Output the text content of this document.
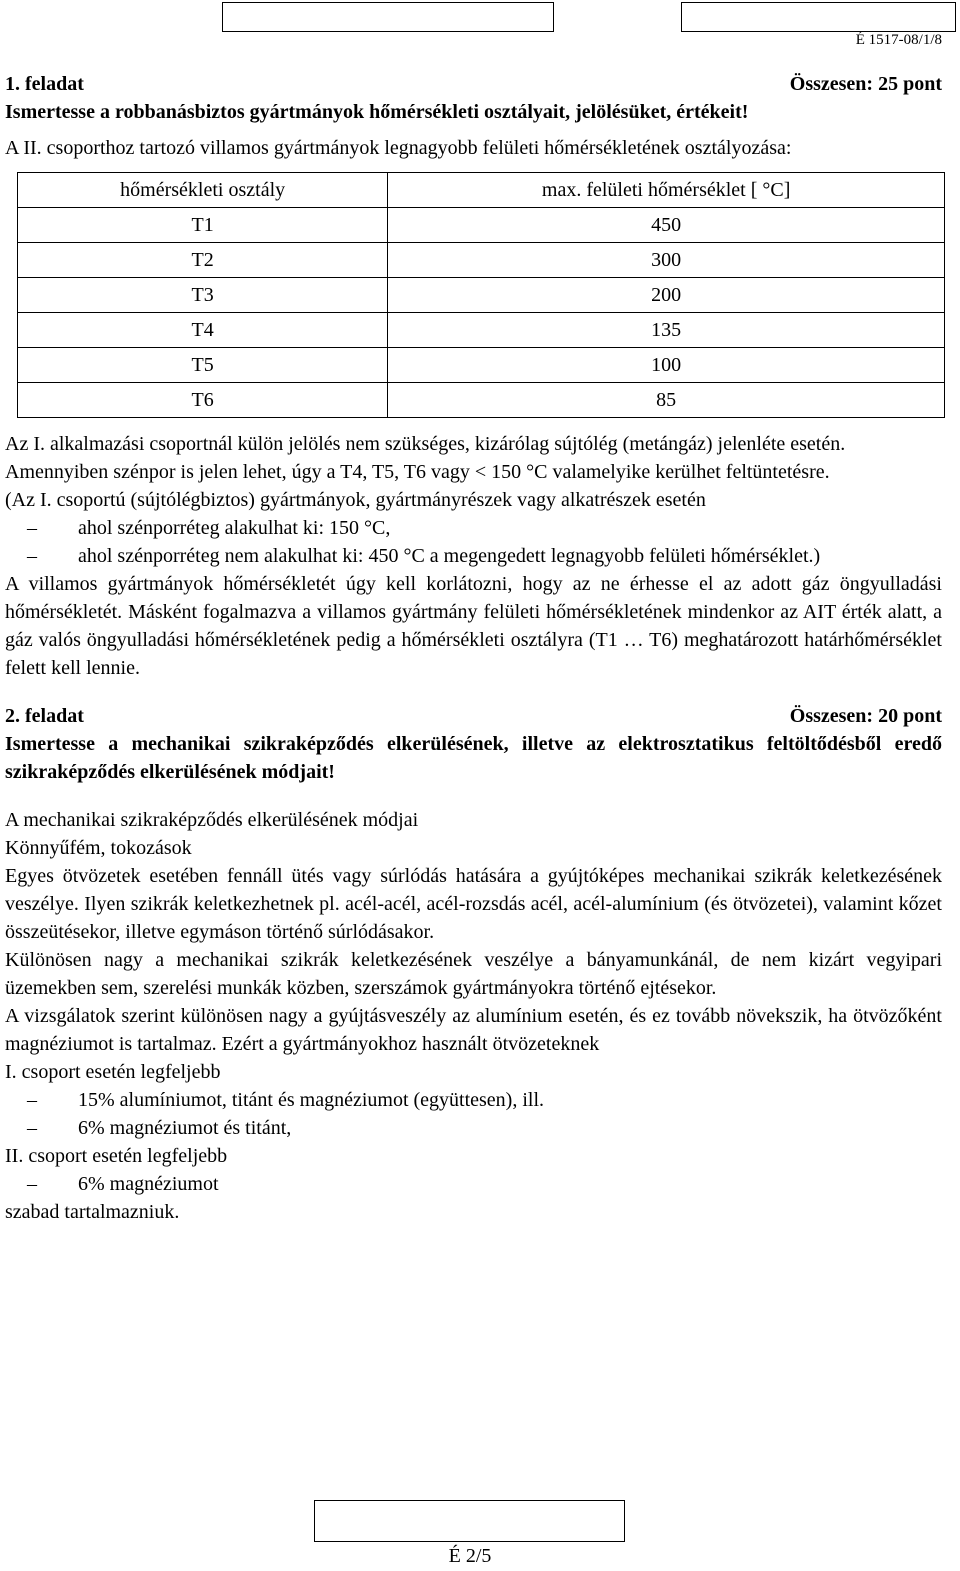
É 1517-08/1/8
1. feladat	Összesen: 25 pont
Ismertesse a robbanásbiztos gyártmányok hőmérsékleti osztályait, jelölésüket, értékeit!
A II. csoporthoz tartozó villamos gyártmányok legnagyobb felületi hőmérsékletének osztályozása:
hőmérsékleti osztály	max. felületi hőmérséklet [ °C]
T1	450
T2	300
T3	200
T4	135
T5	100
T6	85
Az I. alkalmazási csoportnál külön jelölés nem szükséges, kizárólag sújtólég (metángáz) jelenléte esetén.
Amennyiben szénpor is jelen lehet, úgy a T4, T5, T6 vagy < 150 °C valamelyike kerülhet feltüntetésre.
(Az I. csoportú (sújtólégbiztos) gyártmányok, gyártmányrészek vagy alkatrészek esetén
– ahol szénporréteg alakulhat ki: 150 °C,
– ahol szénporréteg nem alakulhat ki: 450 °C a megengedett legnagyobb felületi hőmérséklet.)
A villamos gyártmányok hőmérsékletét úgy kell korlátozni, hogy az ne érhesse el az adott gáz öngyulladási hőmérsékletét. Másként fogalmazva a villamos gyártmány felületi hőmérsékletének mindenkor az AIT érték alatt, a gáz valós öngyulladási hőmérsékletének pedig a hőmérsékleti osztályra (T1 … T6) meghatározott határhőmérséklet felett kell lennie.
2. feladat	Összesen: 20 pont
Ismertesse a mechanikai szikraképződés elkerülésének, illetve az elektrosztatikus feltöltődésből eredő szikraképződés elkerülésének módjait!
A mechanikai szikraképződés elkerülésének módjai
Könnyűfém, tokozások
Egyes ötvözetek esetében fennáll ütés vagy súrlódás hatására a gyújtóképes mechanikai szikrák keletkezésének veszélye. Ilyen szikrák keletkezhetnek pl. acél-acél, acél-rozsdás acél, acél-alumínium (és ötvözetei), valamint kőzet összeütésekor, illetve egymáson történő súrlódásakor.
Különösen nagy a mechanikai szikrák keletkezésének veszélye a bányamunkánál, de nem kizárt vegyipari üzemekben sem, szerelési munkák közben, szerszámok gyártmányokra történő ejtésekor.
A vizsgálatok szerint különösen nagy a gyújtásveszély az alumínium esetén, és ez tovább növekszik, ha ötvözőként magnéziumot is tartalmaz. Ezért a gyártmányokhoz használt ötvözeteknek
I. csoport esetén legfeljebb
– 15% alumíniumot, titánt és magnéziumot (együttesen), ill.
– 6% magnéziumot és titánt,
II. csoport esetén legfeljebb
– 6% magnéziumot
szabad tartalmazniuk.
É 2/5
